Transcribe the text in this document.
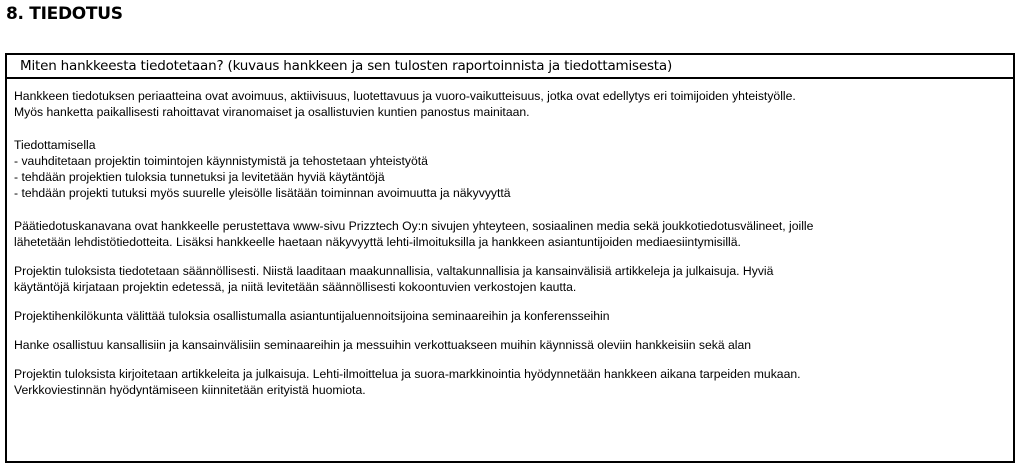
8. TIEDOTUS
Miten hankkeesta tiedotetaan? (kuvaus hankkeen ja sen tulosten raportoinnista ja tiedottamisesta)
Hankkeen tiedotuksen periaatteina ovat avoimuus, aktiivisuus, luotettavuus ja vuoro-vaikutteisuus, jotka ovat edellytys eri toimijoiden yhteistyölle.
Myös hanketta paikallisesti rahoittavat viranomaiset ja osallistuvien kuntien panostus mainitaan.
Tiedottamisella
- vauhditetaan projektin toimintojen käynnistymistä ja tehostetaan yhteistyötä
- tehdään projektien tuloksia tunnetuksi ja levitetään hyviä käytäntöjä
- tehdään projekti tutuksi myös suurelle yleisölle lisätään toiminnan avoimuutta ja näkyvyyttä
Päätiedotuskanavana ovat hankkeelle perustettava www-sivu Prizztech Oy:n sivujen yhteyteen, sosiaalinen media sekä joukkotiedotusvälineet, joille
lähetetään lehdistötiedotteita. Lisäksi hankkeelle haetaan näkyvyyttä lehti-ilmoituksilla ja hankkeen asiantuntijoiden mediaesiintymisillä.
Projektin tuloksista tiedotetaan säännöllisesti. Niistä laaditaan maakunnallisia, valtakunnallisia ja kansainvälisiä artikkeleja ja julkaisuja. Hyviä
käytäntöjä kirjataan projektin edetessä, ja niitä levitetään säännöllisesti kokoontuvien verkostojen kautta.
Projektihenkilökunta välittää tuloksia osallistumalla asiantuntijaluennoitsijoina seminaareihin ja konferensseihin
Hanke osallistuu kansallisiin ja kansainvälisiin seminaareihin ja messuihin verkottuakseen muihin käynnissä oleviin hankkeisiin sekä alan
Projektin tuloksista kirjoitetaan artikkeleita ja julkaisuja. Lehti-ilmoittelua ja suora-markkinointia hyödynnetään hankkeen aikana tarpeiden mukaan.
Verkkoviestinnän hyödyntämiseen kiinnitetään erityistä huomiota.
